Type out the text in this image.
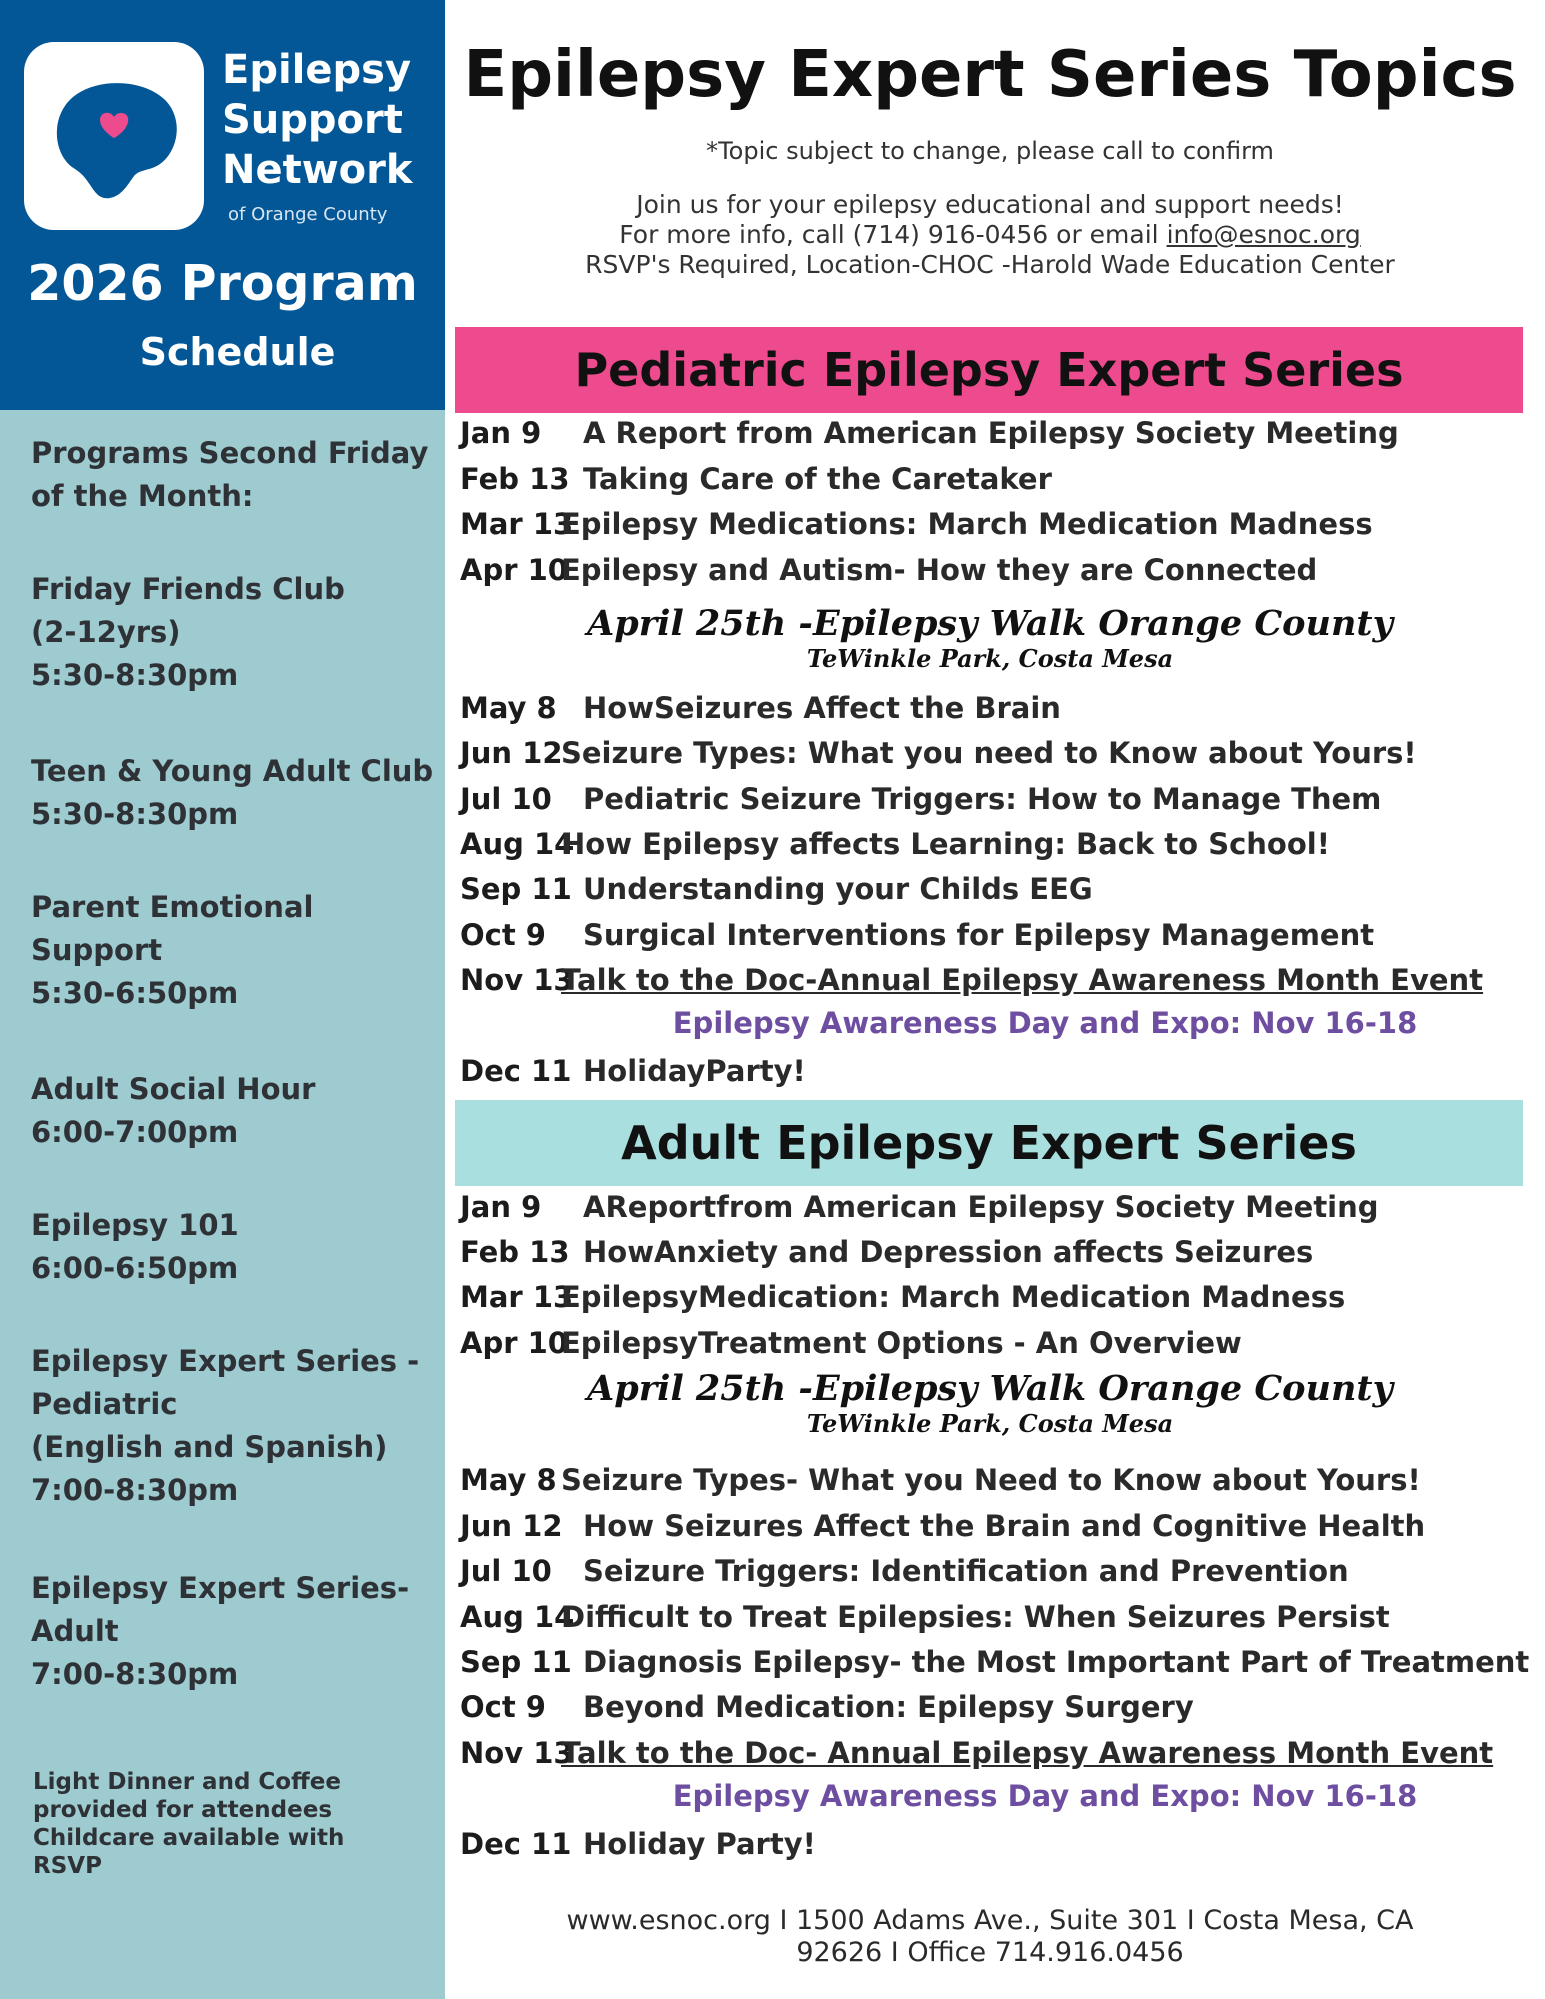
Epilepsy
Support
Network
of Orange County
2026 Program
Schedule
Programs Second Friday
of the Month:
Friday Friends Club
(2-12yrs)
5:30-8:30pm
Teen & Young Adult Club
5:30-8:30pm
Parent Emotional
Support
5:30-6:50pm
Adult Social Hour
6:00-7:00pm
Epilepsy 101
6:00-6:50pm
Epilepsy Expert Series -
Pediatric
(English and Spanish)
7:00-8:30pm
Epilepsy Expert Series-
Adult
7:00-8:30pm
Light Dinner and Coffee
provided for attendees
Childcare available with
RSVP
Epilepsy Expert Series Topics
*Topic subject to change, please call to confirm
Join us for your epilepsy educational and support needs!
For more info, call (714) 916-0456 or email info@esnoc.org
RSVP's Required, Location-CHOC -Harold Wade Education Center
Pediatric Epilepsy Expert Series
Jan 9 A Report from American Epilepsy Society Meeting
Feb 13 Taking Care of the Caretaker
Mar 13
Epilepsy Medications: March Medication Madness
Apr 10
Epilepsy and Autism- How they are Connected
April 25th -Epilepsy Walk Orange County
TeWinkle Park, Costa Mesa
May 8 HowSeizures Affect the Brain
Jun 12
Seizure Types: What you need to Know about Yours!
Jul 10 Pediatric Seizure Triggers: How to Manage Them
Aug 14
How Epilepsy affects Learning: Back to School!
Sep 11 Understanding your Childs EEG
Oct 9 Surgical Interventions for Epilepsy Management
Nov 13
Talk to the Doc-Annual Epilepsy Awareness Month Event
Epilepsy Awareness Day and Expo: Nov 16-18
Dec 11 HolidayParty!
Adult Epilepsy Expert Series
Jan 9 AReportfrom American Epilepsy Society Meeting
Feb 13 HowAnxiety and Depression affects Seizures
Mar 13
EpilepsyMedication: March Medication Madness
Apr 10
EpilepsyTreatment Options - An Overview
April 25th -Epilepsy Walk Orange County
TeWinkle Park, Costa Mesa
May 8 Seizure Types- What you Need to Know about Yours!
Jun 12 How Seizures Affect the Brain and Cognitive Health
Jul 10 Seizure Triggers: Identification and Prevention
Aug 14
Difficult to Treat Epilepsies: When Seizures Persist
Sep 11 Diagnosis Epilepsy- the Most Important Part of Treatment
Oct 9 Beyond Medication: Epilepsy Surgery
Nov 13
Talk to the Doc- Annual Epilepsy Awareness Month Event
Epilepsy Awareness Day and Expo: Nov 16-18
Dec 11 Holiday Party!
www.esnoc.org I 1500 Adams Ave., Suite 301 I Costa Mesa, CA
92626 I Office 714.916.0456
